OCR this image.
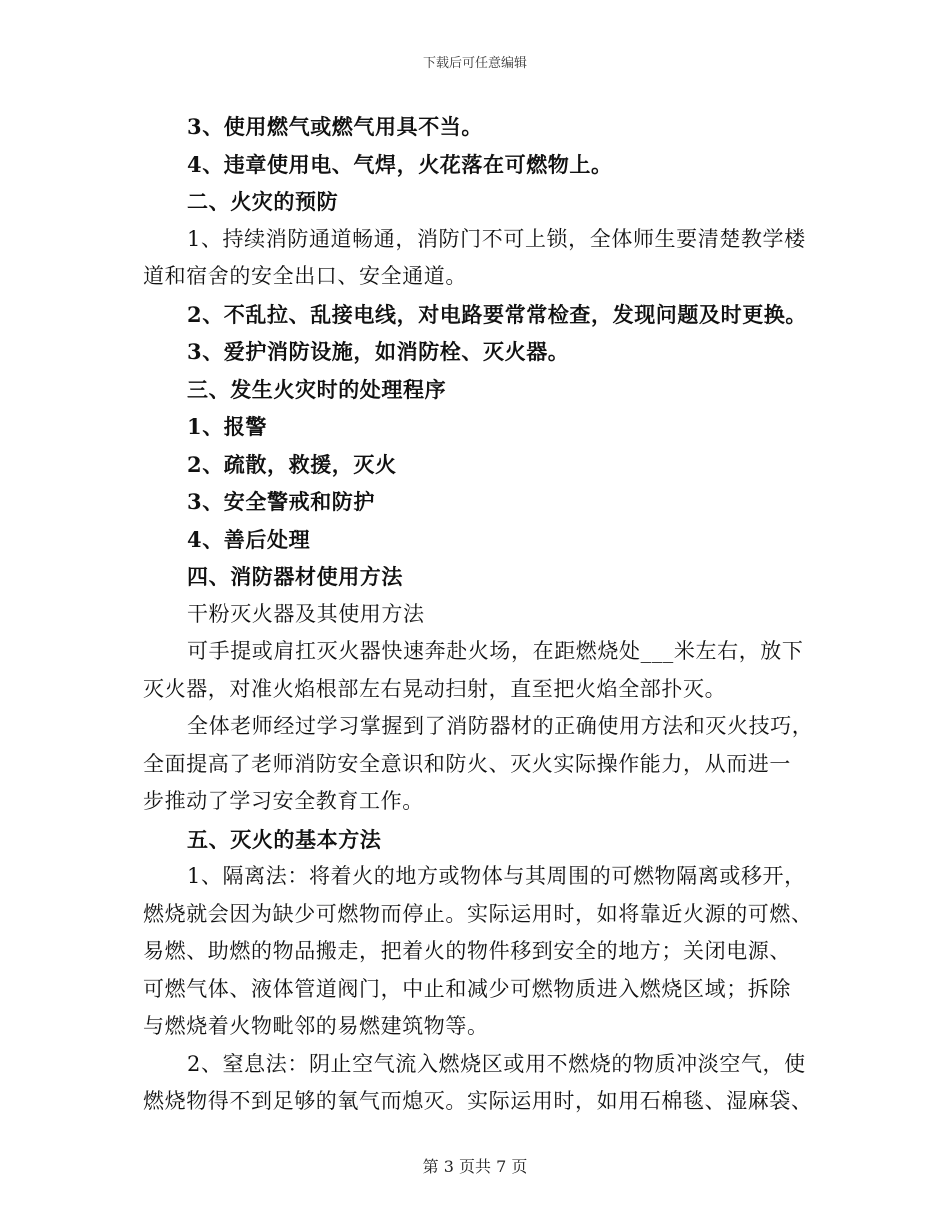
下载后可任意编辑
3、使用燃气或燃气用具不当。
4、违章使用电、气焊，火花落在可燃物上。
二、火灾的预防
1、持续消防通道畅通，消防门不可上锁，全体师生要清楚教学楼
道和宿舍的安全出口、安全通道。
2、不乱拉、乱接电线，对电路要常常检查，发现问题及时更换。
3、爱护消防设施，如消防栓、灭火器。
三、发生火灾时的处理程序
1、报警
2、疏散，救援，灭火
3、安全警戒和防护
4、善后处理
四、消防器材使用方法
干粉灭火器及其使用方法
可手提或肩扛灭火器快速奔赴火场，在距燃烧处___米左右，放下
灭火器，对准火焰根部左右晃动扫射，直至把火焰全部扑灭。
全体老师经过学习掌握到了消防器材的正确使用方法和灭火技巧，
全面提高了老师消防安全意识和防火、灭火实际操作能力，从而进一
步推动了学习安全教育工作。
五、灭火的基本方法
1、隔离法：将着火的地方或物体与其周围的可燃物隔离或移开，
燃烧就会因为缺少可燃物而停止。实际运用时，如将靠近火源的可燃、
易燃、助燃的物品搬走，把着火的物件移到安全的地方；关闭电源、
可燃气体、液体管道阀门，中止和减少可燃物质进入燃烧区域；拆除
与燃烧着火物毗邻的易燃建筑物等。
2、窒息法：阴止空气流入燃烧区或用不燃烧的物质冲淡空气，使
燃烧物得不到足够的氧气而熄灭。实际运用时，如用石棉毯、湿麻袋、
第 3 页共 7 页
